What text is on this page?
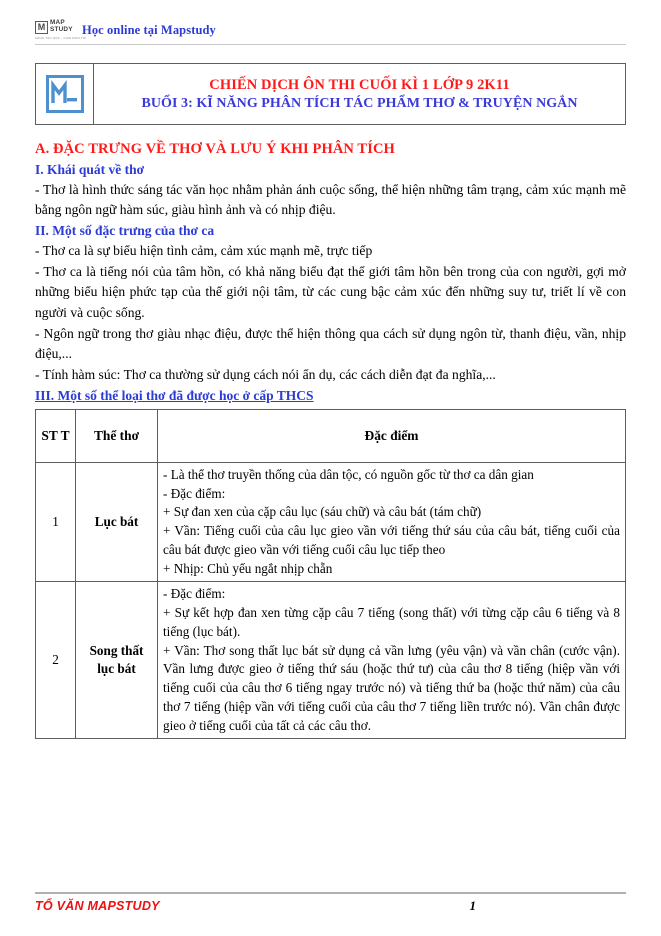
M MAP
STUDY
SÁNG TẠO HỌC - GIẢN ĐƠN THI
Học online tại Mapstudy
CHIẾN DỊCH ÔN THI CUỐI KÌ 1 LỚP 9 2K11
BUỔI 3: KĨ NĂNG PHÂN TÍCH TÁC PHẨM THƠ & TRUYỆN NGẮN
A. ĐẶC TRƯNG VỀ THƠ VÀ LƯU Ý KHI PHÂN TÍCH
I. Khái quát về thơ

- Thơ là hình thức sáng tác văn học nhằm phản ánh cuộc sống, thể hiện những tâm trạng, cảm xúc mạnh mẽ bằng ngôn ngữ hàm súc, giàu hình ảnh và có nhịp điệu.

II. Một số đặc trưng của thơ ca

- Thơ ca là sự biểu hiện tình cảm, cảm xúc mạnh mẽ, trực tiếp

- Thơ ca là tiếng nói của tâm hồn, có khả năng biểu đạt thế giới tâm hồn bên trong của con người, gợi mở những biểu hiện phức tạp của thế giới nội tâm, từ các cung bậc cảm xúc đến những suy tư, triết lí về con người và cuộc sống.

- Ngôn ngữ trong thơ giàu nhạc điệu, được thể hiện thông qua cách sử dụng ngôn từ, thanh điệu, vần, nhịp điệu,...

- Tính hàm súc: Thơ ca thường sử dụng cách nói ẩn dụ, các cách diễn đạt đa nghĩa,...

III. Một số thể loại thơ đã được học ở cấp THCS
ST T	Thể thơ	Đặc điểm
1	Lục bát	- Là thể thơ truyền thống của dân tộc, có nguồn gốc từ thơ ca dân gian
- Đặc điểm:
+ Sự đan xen của cặp câu lục (sáu chữ) và câu bát (tám chữ)
+ Vần: Tiếng cuối của câu lục gieo vần với tiếng thứ sáu của câu bát, tiếng cuối của câu bát được gieo vần với tiếng cuối câu lục tiếp theo
+ Nhịp: Chủ yếu ngắt nhịp chẵn

2	Song thất lục bát	- Đặc điểm:
+ Sự kết hợp đan xen từng cặp câu 7 tiếng (song thất) với từng cặp câu 6 tiếng và 8 tiếng (lục bát).
+ Vần: Thơ song thất lục bát sử dụng cả vần lưng (yêu vận) và vần chân (cước vận). Vần lưng được gieo ở tiếng thứ sáu (hoặc thứ tư) của câu thơ 8 tiếng (hiệp vần với tiếng cuối của câu thơ 6 tiếng ngay trước nó) và tiếng thứ ba (hoặc thứ năm) của câu thơ 7 tiếng (hiệp vần với tiếng cuối của câu thơ 7 tiếng liền trước nó). Vần chân được gieo ở tiếng cuối của tất cả các câu thơ.
TỔ VĂN MAPSTUDY	1
